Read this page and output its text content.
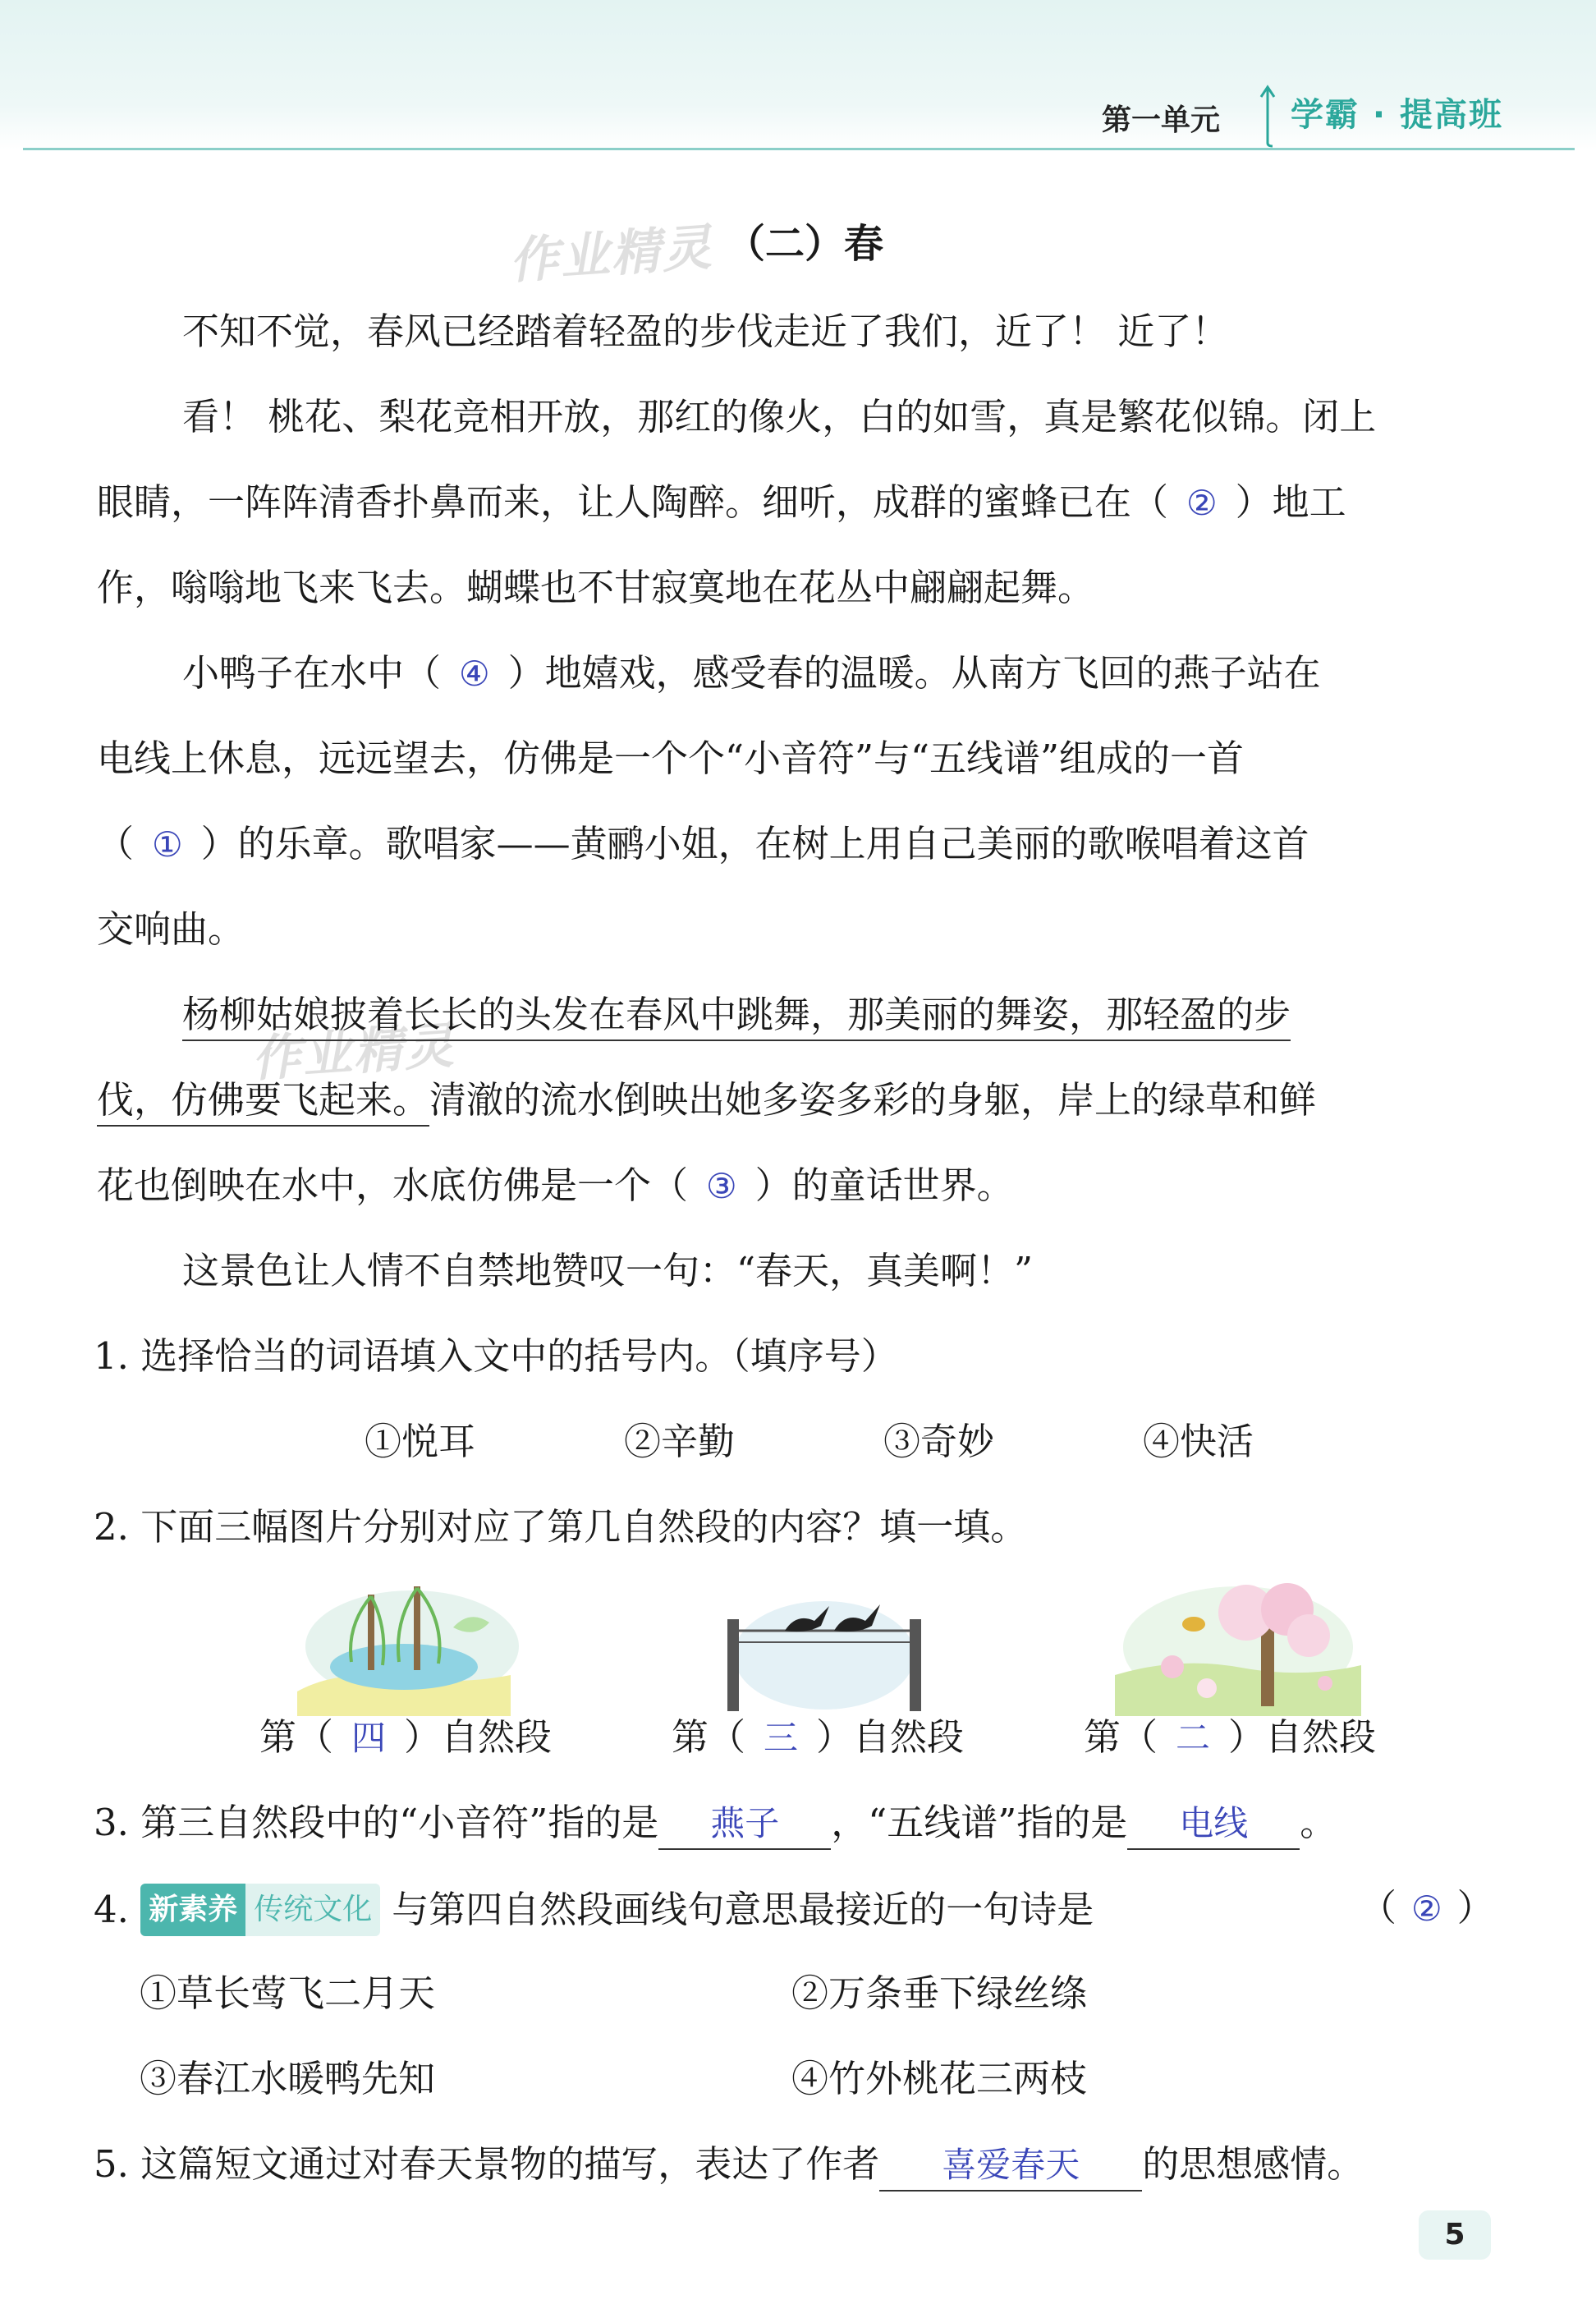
第一单元 学霸 · 提高班
作业精灵
作业精灵
（二）春
不知不觉，春风已经踏着轻盈的步伐走近了我们，近了！ 近了！
看！ 桃花、梨花竞相开放，那红的像火，白的如雪，真是繁花似锦。闭上
眼睛，一阵阵清香扑鼻而来，让人陶醉。细听，成群的蜜蜂已在（ ② ）地工
作，嗡嗡地飞来飞去。蝴蝶也不甘寂寞地在花丛中翩翩起舞。
小鸭子在水中（ ④ ）地嬉戏，感受春的温暖。从南方飞回的燕子站在
电线上休息，远远望去，仿佛是一个个“小音符”与“五线谱”组成的一首
（ ① ）的乐章。歌唱家——黄鹂小姐，在树上用自己美丽的歌喉唱着这首
交响曲。
杨柳姑娘披着长长的头发在春风中跳舞，那美丽的舞姿，那轻盈的步
伐，仿佛要飞起来。清澈的流水倒映出她多姿多彩的身躯，岸上的绿草和鲜
花也倒映在水中，水底仿佛是一个（ ③ ）的童话世界。
这景色让人情不自禁地赞叹一句：“春天，真美啊！”
1. 选择恰当的词语填入文中的括号内。（填序号）
①悦耳	②辛勤	③奇妙	④快活
2. 下面三幅图片分别对应了第几自然段的内容？填一填。
第（ 四 ）自然段	第（ 三 ）自然段	第（ 二 ）自然段
3. 第三自然段中的“小音符”指的是 燕子 ，“五线谱”指的是 电线 。
4. 新素养 传统文化 与第四自然段画线句意思最接近的一句诗是	（ ② ）
①草长莺飞二月天	②万条垂下绿丝绦
③春江水暖鸭先知	④竹外桃花三两枝
5. 这篇短文通过对春天景物的描写，表达了作者 喜爱春天 的思想感情。
5
